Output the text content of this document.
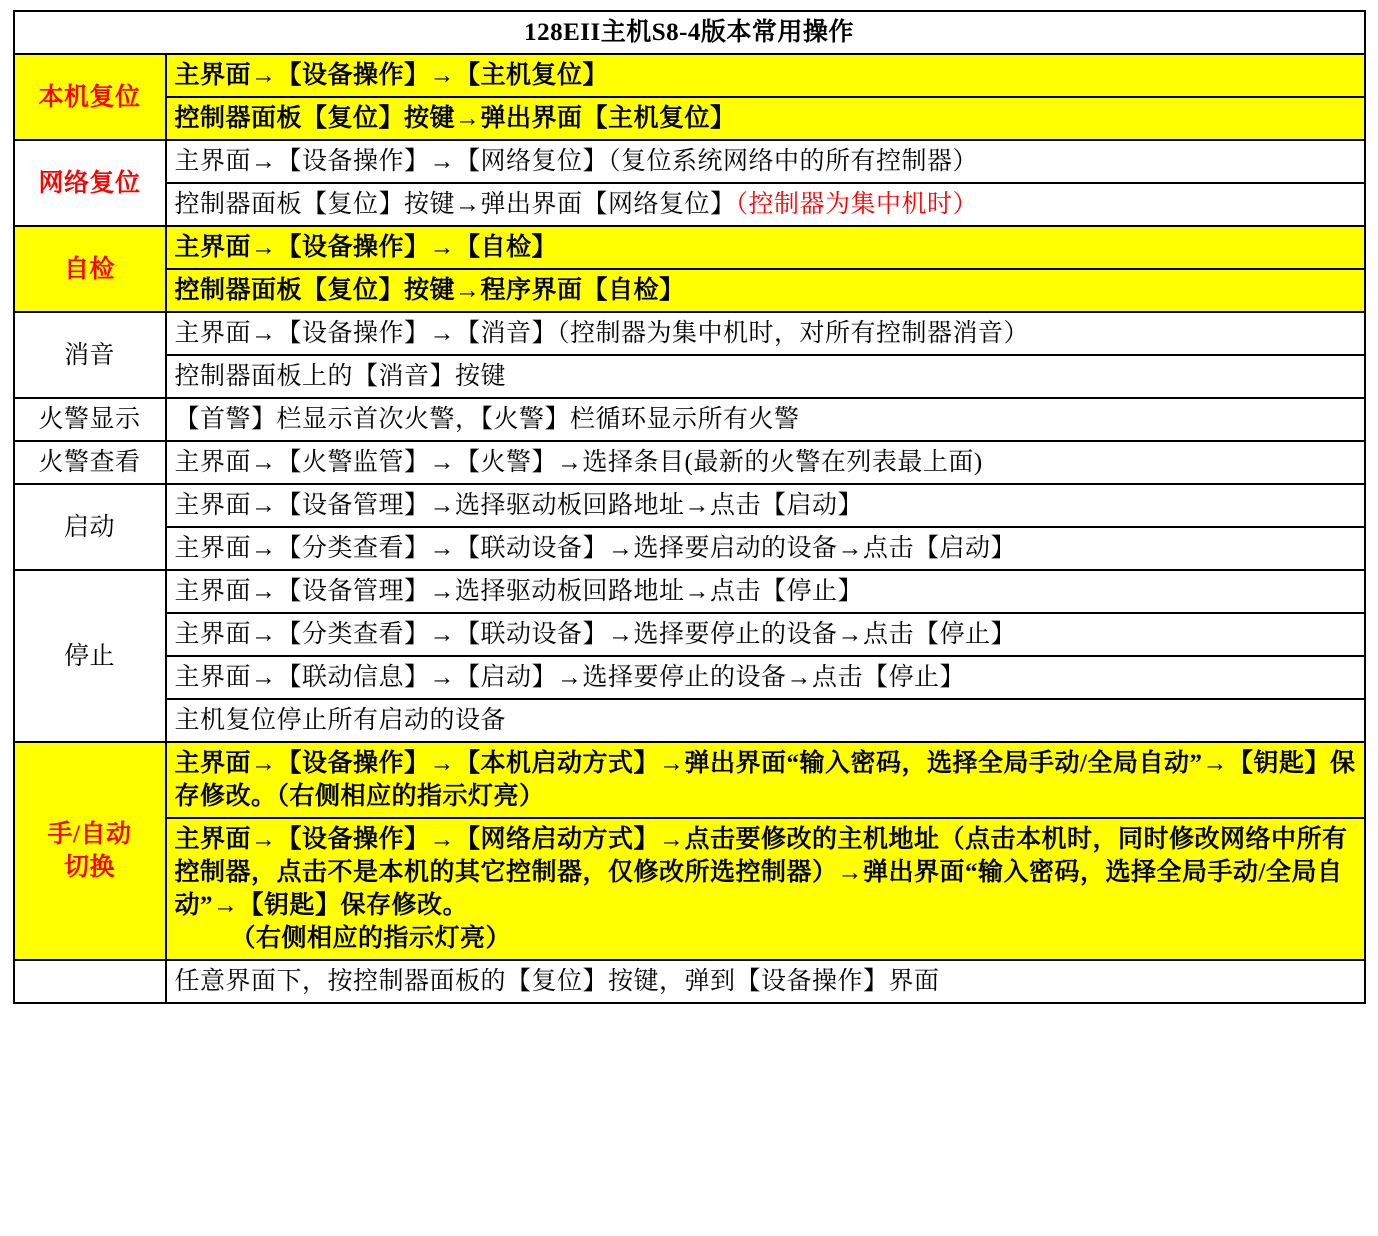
128EII主机S8-4版本常用操作	
本机复位	主界面→【设备操作】→【主机复位】
	控制器面板【复位】按键→弹出界面【主机复位】
网络复位	主界面→【设备操作】→【网络复位】（复位系统网络中的所有控制器）
	控制器面板【复位】按键→弹出界面【网络复位】（控制器为集中机时）
自检	主界面→【设备操作】→【自检】
	控制器面板【复位】按键→程序界面【自检】
消音	主界面→【设备操作】→【消音】（控制器为集中机时，对所有控制器消音）
	控制器面板上的【消音】按键
火警显示	【首警】栏显示首次火警，【火警】栏循环显示所有火警
火警查看	主界面→【火警监管】→【火警】→选择条目(最新的火警在列表最上面)
启动	主界面→【设备管理】→选择驱动板回路地址→点击【启动】
	主界面→【分类查看】→【联动设备】→选择要启动的设备→点击【启动】
停止	主界面→【设备管理】→选择驱动板回路地址→点击【停止】
	主界面→【分类查看】→【联动设备】→选择要停止的设备→点击【停止】
	主界面→【联动信息】→【启动】→选择要停止的设备→点击【停止】
	主机复位停止所有启动的设备
手/自动
切换	主界面→【设备操作】→【本机启动方式】→弹出界面“输入密码，选择全局手动/全局自动”→【钥匙】保存修改。（右侧相应的指示灯亮）
	主界面→【设备操作】→【网络启动方式】→点击要修改的主机地址（点击本机时，同时修改网络中所有控制器，点击不是本机的其它控制器，仅修改所选控制器）→弹出界面“输入密码，选择全局手动/全局自动”→【钥匙】保存修改。
（右侧相应的指示灯亮）
	任意界面下，按控制器面板的【复位】按键，弹到【设备操作】界面
